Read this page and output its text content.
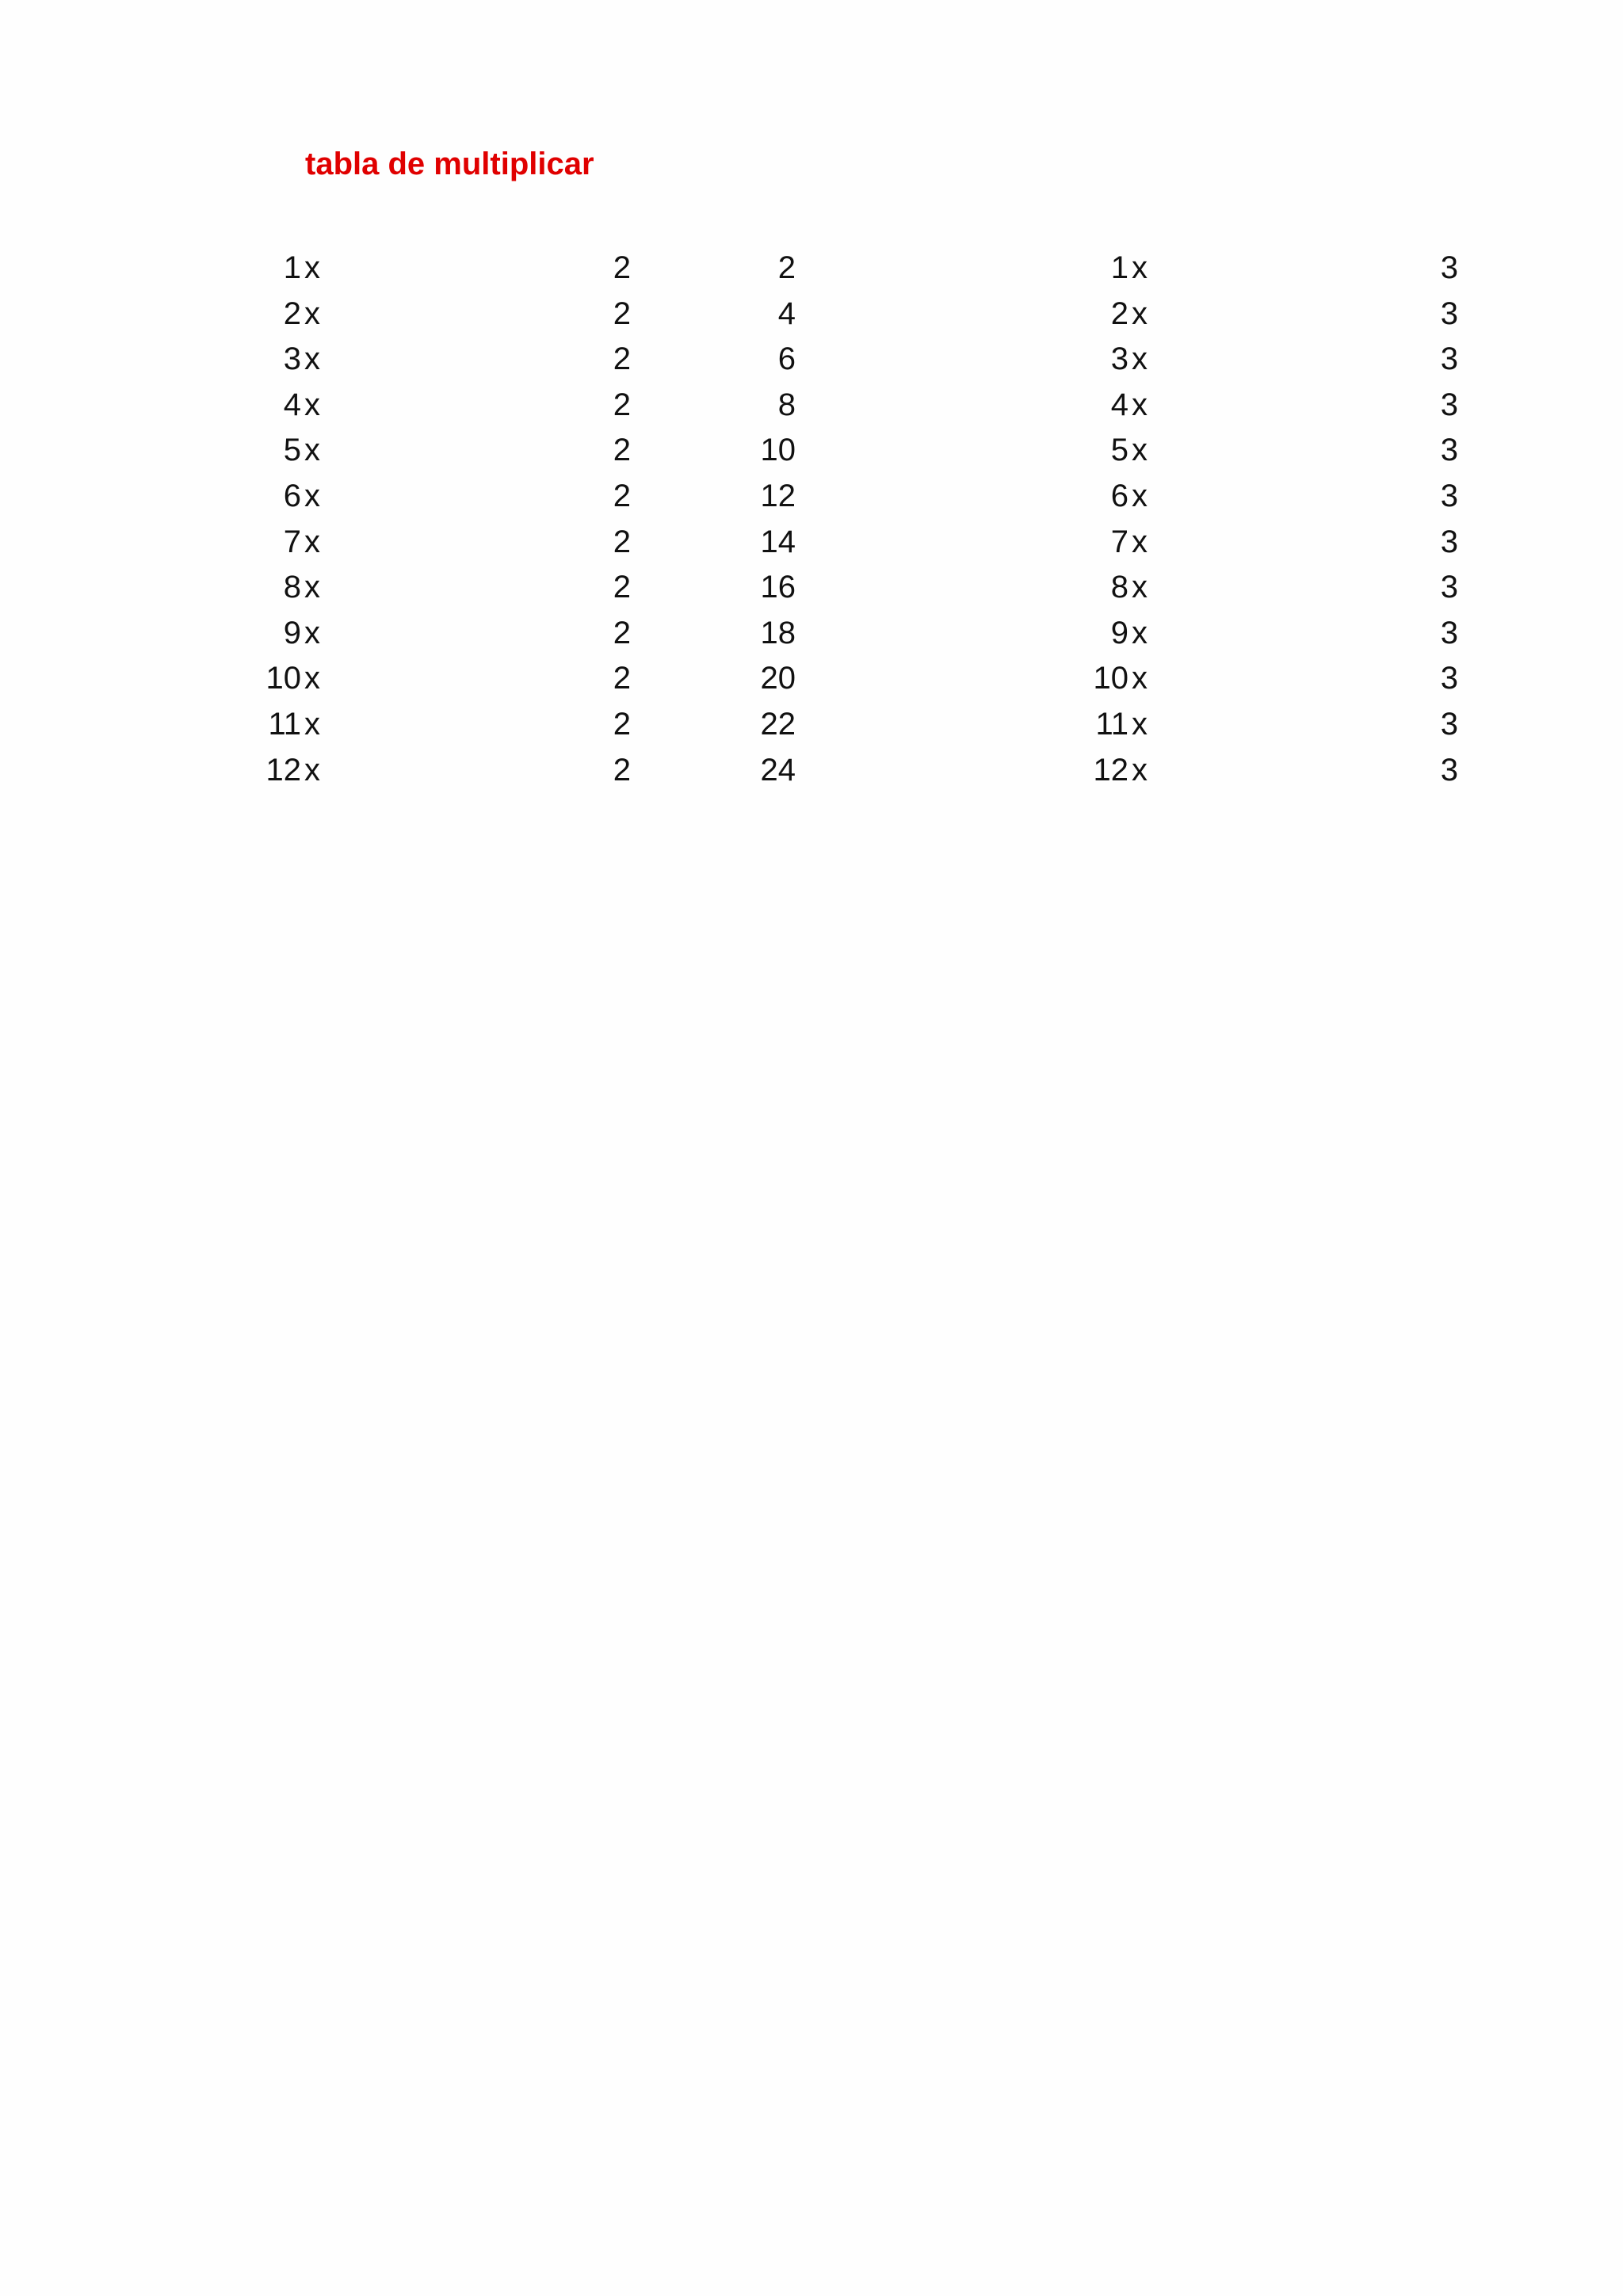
tabla de multiplicar
1 x	2	2	1 x	3
2 x	2	4	2 x	3
3 x	2	6	3 x	3
4 x	2	8	4 x	3
5 x	2	10	5 x	3
6 x	2	12	6 x	3
7 x	2	14	7 x	3
8 x	2	16	8 x	3
9 x	2	18	9 x	3
10 x	2	20	10 x	3
11 x	2	22	11 x	3
12 x	2	24	12 x	3
